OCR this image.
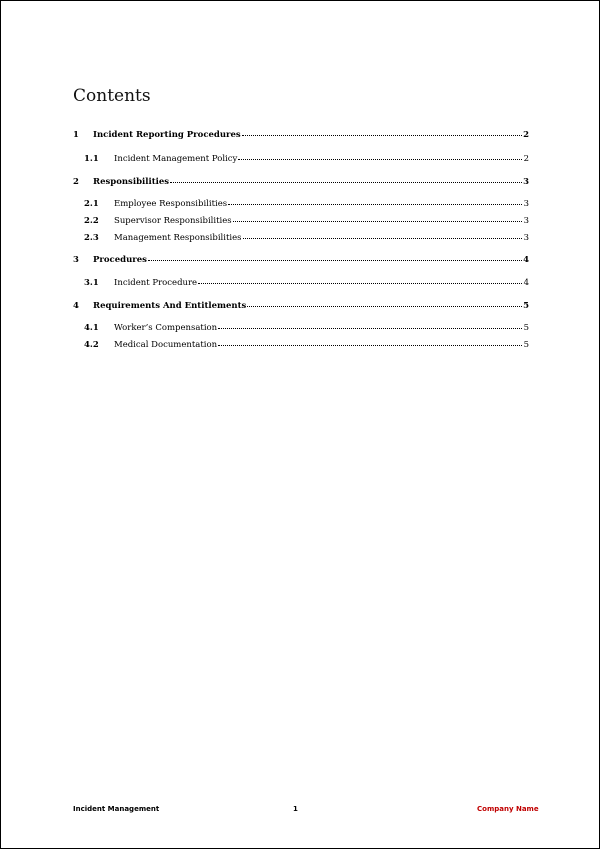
Contents
1	Incident Reporting Procedures	2
1.1	Incident Management Policy	2
2	Responsibilities	3
2.1	Employee Responsibilities	3
2.2	Supervisor Responsibilities	3
2.3	Management Responsibilities	3
3	Procedures	4
3.1	Incident Procedure	4
4	Requirements And Entitlements	5
4.1	Worker’s Compensation	5
4.2	Medical Documentation	5
Incident Management	1	Company Name
